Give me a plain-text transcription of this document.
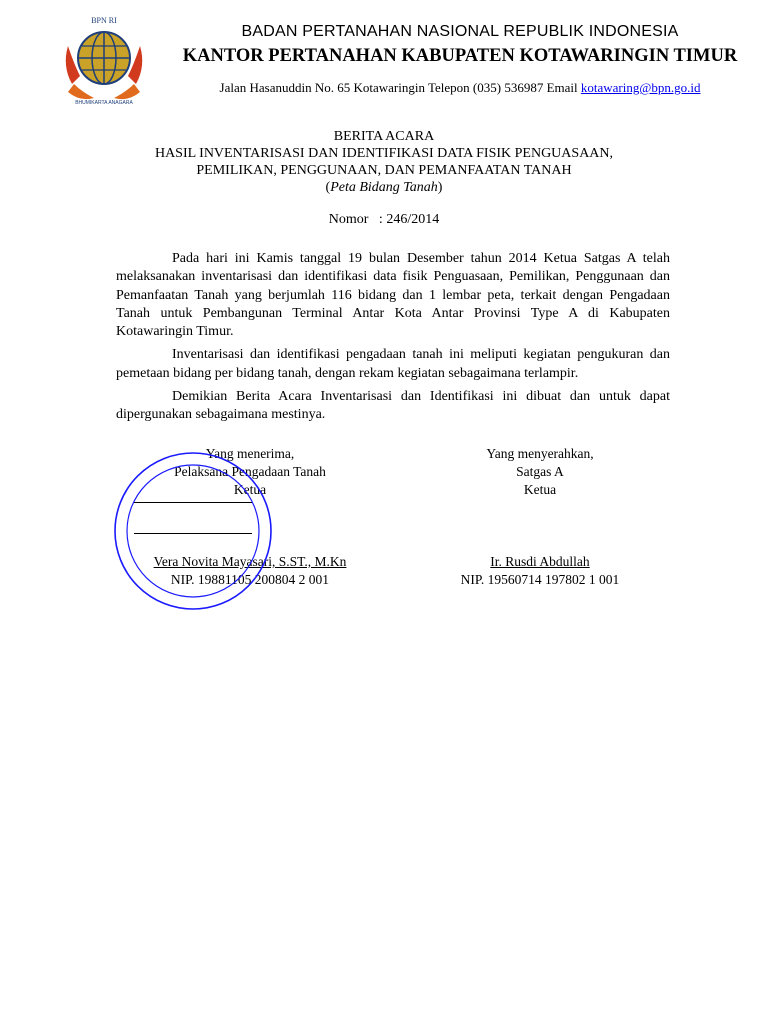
BPN RI
BHUMIKARTA ANAGARA
BADAN PERTANAHAN NASIONAL REPUBLIK INDONESIA
KANTOR PERTANAHAN KABUPATEN KOTAWARINGIN TIMUR
Jalan Hasanuddin No. 65 Kotawaringin Telepon (035) 536987 Email kotawaring@bpn.go.id
BERITA ACARA
HASIL INVENTARISASI DAN IDENTIFIKASI DATA FISIK PENGUASAAN,
PEMILIKAN, PENGGUNAAN, DAN PEMANFAATAN TANAH
(Peta Bidang Tanah)
Nomor   : 246/2014

Pada hari ini Kamis tanggal 19 bulan Desember tahun 2014 Ketua Satgas A telah melaksanakan inventarisasi dan identifikasi data fisik Penguasaan, Pemilikan, Penggunaan dan Pemanfaatan Tanah yang berjumlah 116 bidang dan 1 lembar peta, terkait dengan Pengadaan Tanah untuk Pembangunan Terminal Antar Kota Antar Provinsi Type A di Kabupaten Kotawaringin Timur.

Inventarisasi dan identifikasi pengadaan tanah ini meliputi kegiatan pengukuran dan pemetaan bidang per bidang tanah, dengan rekam kegiatan sebagaimana terlampir.

Demikian Berita Acara Inventarisasi dan Identifikasi ini dibuat dan untuk dapat dipergunakan sebagaimana mestinya.

Yang menerima,
Pelaksana Pengadaan Tanah
Ketua
Vera Novita Mayasari, S.ST., M.Kn
NIP. 19881105 200804 2 001
Yang menyerahkan,
Satgas A
Ketua
Ir. Rusdi Abdullah
NIP. 19560714 197802 1 001
